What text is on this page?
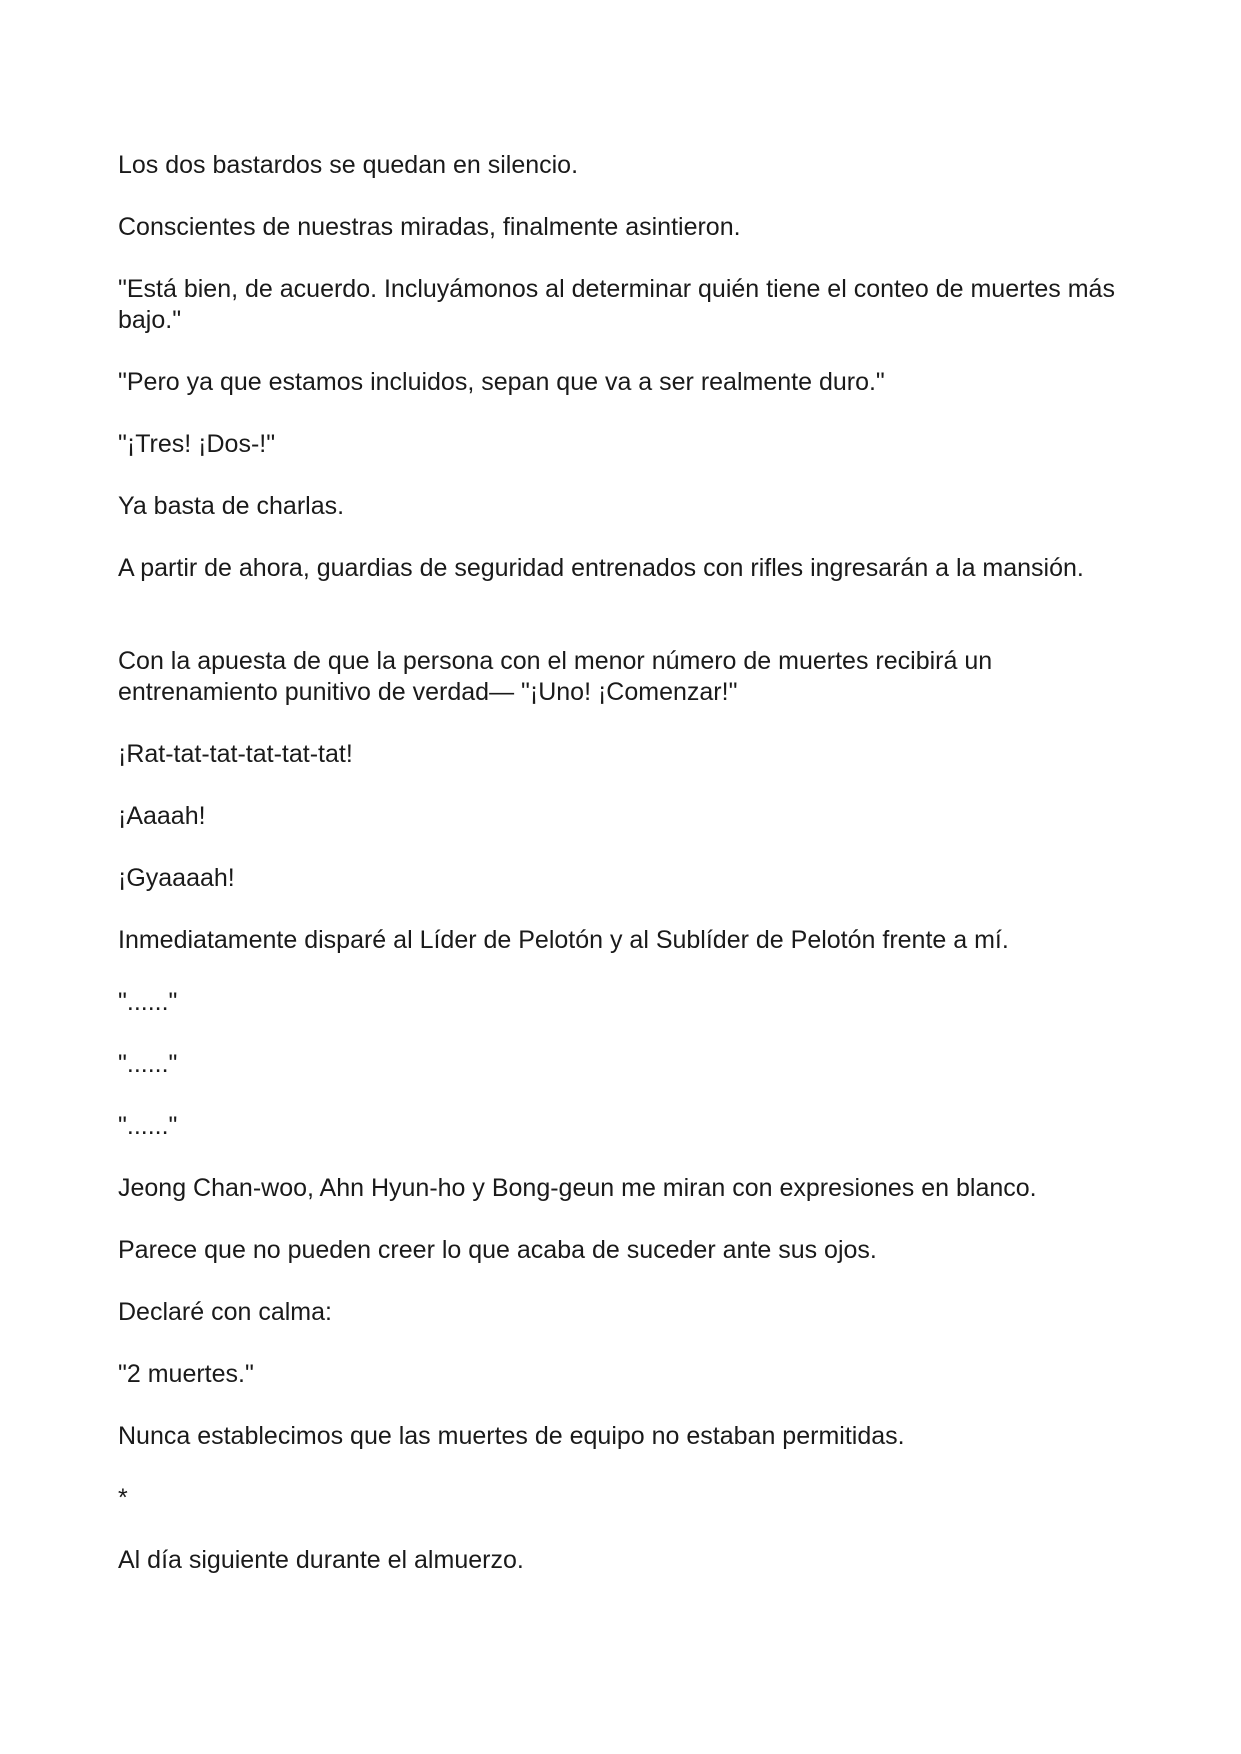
Los dos bastardos se quedan en silencio.

Conscientes de nuestras miradas, finalmente asintieron.

"Está bien, de acuerdo. Incluyámonos al determinar quién tiene el conteo de muertes más bajo."

"Pero ya que estamos incluidos, sepan que va a ser realmente duro."

"¡Tres! ¡Dos-!"

Ya basta de charlas.

A partir de ahora, guardias de seguridad entrenados con rifles ingresarán a la mansión.

Con la apuesta de que la persona con el menor número de muertes recibirá un entrenamiento punitivo de verdad— "¡Uno! ¡Comenzar!"

¡Rat-tat-tat-tat-tat-tat!

¡Aaaah!

¡Gyaaaah!

Inmediatamente disparé al Líder de Pelotón y al Sublíder de Pelotón frente a mí.

"......"

"......"

"......"

Jeong Chan-woo, Ahn Hyun-ho y Bong-geun me miran con expresiones en blanco.

Parece que no pueden creer lo que acaba de suceder ante sus ojos.

Declaré con calma:

"2 muertes."

Nunca establecimos que las muertes de equipo no estaban permitidas.

*

Al día siguiente durante el almuerzo.
